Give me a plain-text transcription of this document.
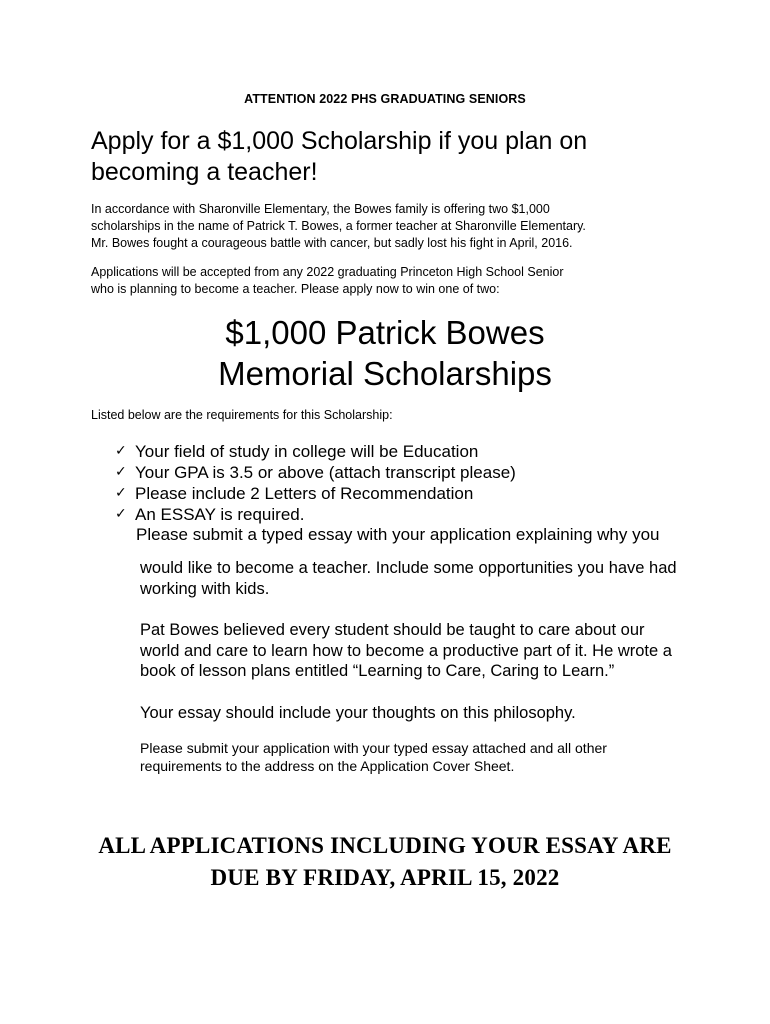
ATTENTION 2022 PHS GRADUATING SENIORS
Apply for a $1,000 Scholarship if you plan on
becoming a teacher!

In accordance with Sharonville Elementary, the Bowes family is offering two $1,000
scholarships in the name of Patrick T. Bowes, a former teacher at Sharonville Elementary.
Mr. Bowes fought a courageous battle with cancer, but sadly lost his fight in April, 2016.

Applications will be accepted from any 2022 graduating Princeton High School Senior
who is planning to become a teacher. Please apply now to win one of two:

$1,000 Patrick Bowes
Memorial Scholarships
Listed below are the requirements for this Scholarship:
✓ Your field of study in college will be Education
✓ Your GPA is 3.5 or above (attach transcript please)
✓ Please include 2 Letters of Recommendation
✓ An ESSAY is required.
Please submit a typed essay with your application explaining why you

would like to become a teacher. Include some opportunities you have had
working with kids.

Pat Bowes believed every student should be taught to care about our
world and care to learn how to become a productive part of it. He wrote a
book of lesson plans entitled “Learning to Care, Caring to Learn.”

Your essay should include your thoughts on this philosophy.

Please submit your application with your typed essay attached and all other
requirements to the address on the Application Cover Sheet.

ALL APPLICATIONS INCLUDING YOUR ESSAY ARE
DUE BY FRIDAY, APRIL 15, 2022
